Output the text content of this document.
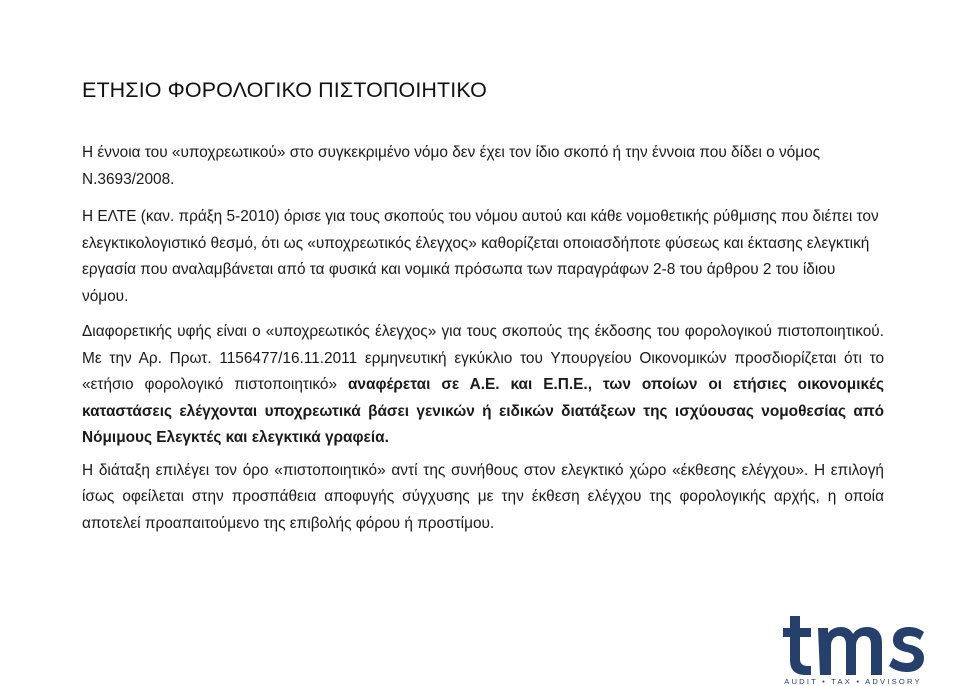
ΕΤΗΣΙΟ ΦΟΡΟΛΟΓΙΚΟ ΠΙΣΤΟΠΟΙΗΤΙΚΟ

Η έννοια του «υποχρεωτικού» στο συγκεκριμένο νόμο δεν έχει τον ίδιο σκοπό ή την έννοια που δίδει ο νόμος Ν.3693/2008.

Η ΕΛΤΕ (καν. πράξη 5-2010) όρισε για τους σκοπούς του νόμου αυτού και κάθε νομοθετικής ρύθμισης που διέπει τον ελεγκτικολογιστικό θεσμό, ότι ως «υποχρεωτικός έλεγχος» καθορίζεται οποιασδήποτε φύσεως και έκτασης ελεγκτική εργασία που αναλαμβάνεται από τα φυσικά και νομικά πρόσωπα των παραγράφων 2-8 του άρθρου 2 του ίδιου νόμου.

Διαφορετικής υφής είναι ο «υποχρεωτικός έλεγχος» για τους σκοπούς της έκδοσης του φορολογικού πιστοποιητικού. Με την Αρ. Πρωτ. 1156477/16.11.2011 ερμηνευτική εγκύκλιο του Υπουργείου Οικονομικών προσδιορίζεται ότι το «ετήσιο φορολογικό πιστοποιητικό» αναφέρεται σε Α.Ε. και Ε.Π.Ε., των οποίων οι ετήσιες οικονομικές καταστάσεις ελέγχονται υποχρεωτικά βάσει γενικών ή ειδικών διατάξεων της ισχύουσας νομοθεσίας από Νόμιμους Ελεγκτές και ελεγκτικά γραφεία.

Η διάταξη επιλέγει τον όρο «πιστοποιητικό» αντί της συνήθους στον ελεγκτικό χώρο «έκθεσης ελέγχου». Η επιλογή ίσως οφείλεται στην προσπάθεια αποφυγής σύγχυσης με την έκθεση ελέγχου της φορολογικής αρχής, η οποία αποτελεί προαπαιτούμενο της επιβολής φόρου ή προστίμου.

AUDIT • TAX • ADVISORY
